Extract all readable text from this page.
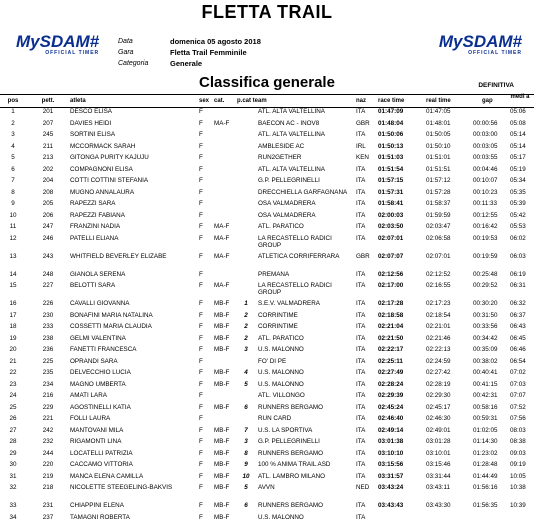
FLETTA TRAIL
MySDAM#
OFFICIAL TIMER
MySDAM#
OFFICIAL TIMER
Data	domenica 05 agosto 2018
Gara	Fletta Trail Femminile
Categoria	Generale
Classifica generale	DEFINITIVA
pos	pett.	atleta	sex cat. p.cat team	naz race time	real time	gap
medi a
1	201	DESCO ELISA	F	ATL. ALTA VALTELLINA	ITA 01:47:09	01:47:05	05:06
2	207	DAVIES HEIDI	F MA-F	BAECON AC - INOV8	GBR 01:48:04	01:48:01	00:00:56 05:08
3	245	SORTINI ELISA	F	ATL. ALTA VALTELLINA	ITA 01:50:06	01:50:05	00:03:00 05:14
4	211	MCCORMACK SARAH	F	AMBLESIDE AC	IRL 01:50:13	01:50:10	00:03:05 05:14
5	213	GITONGA PURITY KAJUJU	F	RUN2GETHER	KEN 01:51:03	01:51:01	00:03:55 05:17
6	202	COMPAGNONI ELISA	F	ATL. ALTA VALTELLINA	ITA 01:51:54	01:51:51	00:04:46 05:19
7	204	COTTI COTTINI STEFANIA	F	G.P. PELLEGRINELLI	ITA 01:57:15	01:57:12	00:10:07 05:34
8	208	MUGNO ANNALAURA	F	DRECCHIELLA GARFAGNANA	ITA 01:57:31	01:57:28	00:10:23 05:35
9	205	RAPEZZI SARA	F	OSA VALMADRERA	ITA 01:58:41	01:58:37	00:11:33 05:39
10	206	RAPEZZI FABIANA	F	OSA VALMADRERA	ITA 02:00:03	01:59:59	00:12:55 05:42
11	247	FRANZINI NADIA	F MA-F	ATL. PARATICO	ITA 02:03:50	02:03:47	00:16:42 05:53
12	246	PATELLI ELIANA	F MA-F	LA RECASTELLO RADICI GROUP
ITA 02:07:01	02:06:58	00:19:53 06:02
13	243	WHITFIELD BEVERLEY ELIZABE	F MA-F	ATLETICA CORRIFERRARA	GBR 02:07:07	02:07:01	00:19:59 06:03
14	248	GIANOLA SERENA	F	PREMANA	ITA 02:12:56	02:12:52	00:25:48 06:19
15	227	BELOTTI SARA	F MA-F	LA RECASTELLO RADICI GROUP
ITA 02:17:00	02:16:55	00:29:52 06:31
16	226	CAVALLI GIOVANNA	F MB-F	1	S.E.V. VALMADRERA	ITA 02:17:28	02:17:23	00:30:20 06:32
17	230	BONAFINI MARIA NATALINA	F MB-F	2	CORRINTIME	ITA 02:18:58	02:18:54	00:31:50 06:37
18	233	COSSETTI MARIA CLAUDIA	F MB-F	2	CORRINTIME	ITA 02:21:04	02:21:01	00:33:56 06:43
19	238	GELMI VALENTINA	F MB-F	2	ATL. PARATICO	ITA 02:21:50	02:21:46	00:34:42 06:45
20	236	FANETTI FRANCESCA	F MB-F	3	U.S. MALONNO	ITA 02:22:17	02:22:13	00:35:09 06:46
21	225	OPRANDI SARA	F	FO' DI PE	ITA 02:25:11	02:24:59	00:38:02 06:54
22	235	DELVECCHIO LUCIA	F MB-F	4	U.S. MALONNO	ITA 02:27:49	02:27:42	00:40:41 07:02
23	234	MAGNO UMBERTA	F MB-F	5	U.S. MALONNO	ITA 02:28:24	02:28:19	00:41:15 07:03
24	216	AMATI LARA	F	ATL. VILLONGO	ITA 02:29:39	02:29:30	00:42:31 07:07
25	229	AGOSTINELLI KATIA	F MB-F	6	RUNNERS BERGAMO	ITA 02:45:24	02:45:17	00:58:16 07:52
26	221	FOLLI LAURA	F	RUN CARD	ITA 02:46:40	02:46:30	00:59:31 07:56
27	242	MANTOVANI MILA	F MB-F	7	U.S. LA SPORTIVA	ITA 02:49:14	02:49:01	01:02:05 08:03
28	232	RIGAMONTI LINA	F MB-F	3	G.P. PELLEGRINELLI	ITA 03:01:38	03:01:28	01:14:30 08:38
29	244	LOCATELLI PATRIZIA	F MB-F	8	RUNNERS BERGAMO	ITA 03:10:10	03:10:01	01:23:02 09:03
30	220	CACCAMO VITTORIA	F MB-F	9	100 % ANIMA TRAIL ASD	ITA 03:15:56	03:15:46	01:28:48 09:19
31	219	MANCA ELENA CAMILLA	F MB-F 10 ATL. LAMBRO MILANO	ITA 03:31:57	03:31:44	01:44:49 10:05
32	218	NICOLETTE STEEGELING-BAKVIS	F MB-F	5	AVVN	NED 03:43:24	03:43:11	01:56:16 10:38
33	231	CHIAPPINI ELENA	F MB-F	6	RUNNERS BERGAMO	ITA 03:43:43	03:43:30	01:56:35 10:39
34	237	TAMAGNI ROBERTA	F MB-F	U.S. MALONNO	ITA
